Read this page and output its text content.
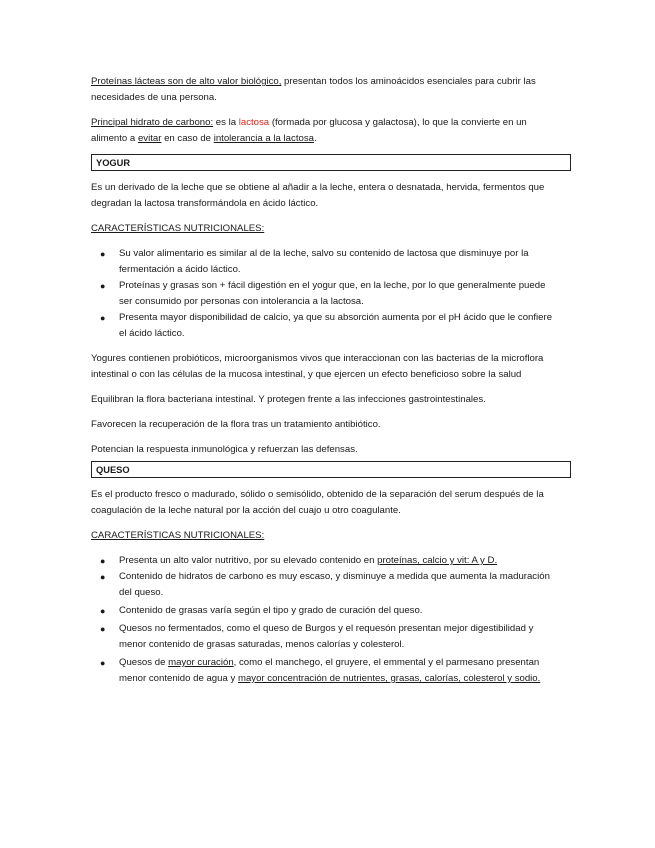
Proteínas lácteas son de alto valor biológico, presentan todos los aminoácidos esenciales para cubrir las
necesidades de una persona.

Principal hidrato de carbono: es la lactosa (formada por glucosa y galactosa), lo que la convierte en un
alimento a evitar en caso de intolerancia a la lactosa.

YOGUR

Es un derivado de la leche que se obtiene al añadir a la leche, entera o desnatada, hervida, fermentos que
degradan la lactosa transformándola en ácido láctico.

CARACTERÍSTICAS NUTRICIONALES:

● Su valor alimentario es similar al de la leche, salvo su contenido de lactosa que disminuye por la
fermentación a ácido láctico.
● Proteínas y grasas son + fácil digestión en el yogur que, en la leche, por lo que generalmente puede
ser consumido por personas con intolerancia a la lactosa.
● Presenta mayor disponibilidad de calcio, ya que su absorción aumenta por el pH ácido que le confiere
el ácido láctico.

Yogures contienen probióticos, microorganismos vivos que interaccionan con las bacterias de la microflora
intestinal o con las células de la mucosa intestinal, y que ejercen un efecto beneficioso sobre la salud

Equilibran la flora bacteriana intestinal. Y protegen frente a las infecciones gastrointestinales.

Favorecen la recuperación de la flora tras un tratamiento antibiótico.

Potencian la respuesta inmunológica y refuerzan las defensas.

QUESO

Es el producto fresco o madurado, sólido o semisólido, obtenido de la separación del serum después de la
coagulación de la leche natural por la acción del cuajo u otro coagulante.

CARACTERÍSTICAS NUTRICIONALES:

● Presenta un alto valor nutritivo, por su elevado contenido en proteínas, calcio y vit: A y D.
● Contenido de hidratos de carbono es muy escaso, y disminuye a medida que aumenta la maduración
del queso.
● Contenido de grasas varía según el tipo y grado de curación del queso.
● Quesos no fermentados, como el queso de Burgos y el requesón presentan mejor digestibilidad y
menor contenido de grasas saturadas, menos calorías y colesterol.
● Quesos de mayor curación, como el manchego, el gruyere, el emmental y el parmesano presentan
menor contenido de agua y mayor concentración de nutrientes, grasas, calorías, colesterol y sodio.
